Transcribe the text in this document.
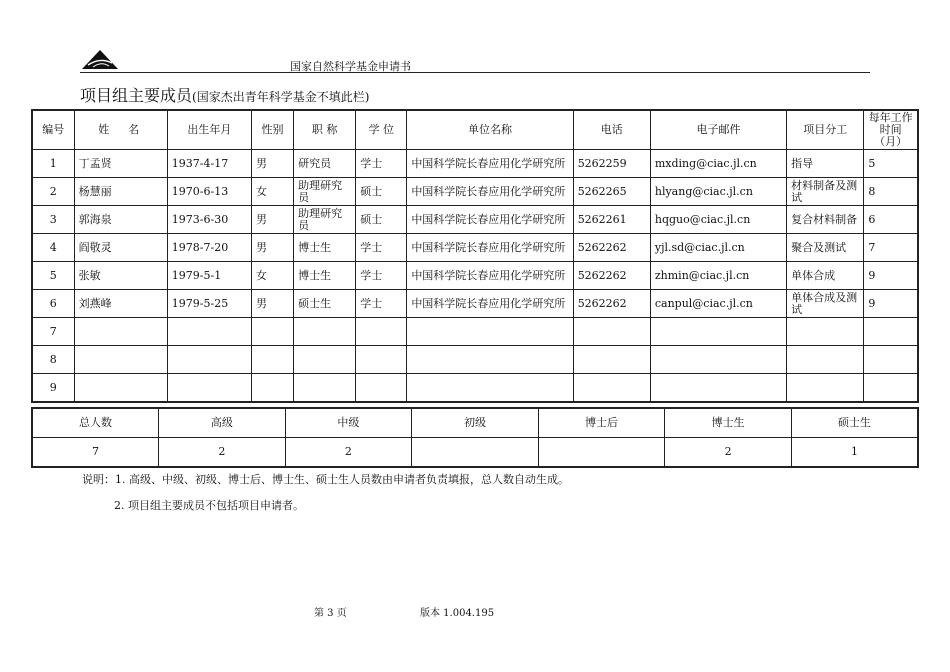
国家自然科学基金申请书
项目组主要成员(国家杰出青年科学基金不填此栏)
编号	姓　名	出生年月	性别	职 称	学 位	单位名称	电话	电子邮件	项目分工	每年工作时间（月）
1	丁孟贤	1937-4-17	男	研究员	学士	中国科学院长春应用化学研究所	5262259	mxding@ciac.jl.cn	指导	5
2	杨慧丽	1970-6-13	女	助理研究员	硕士	中国科学院长春应用化学研究所	5262265	hlyang@ciac.jl.cn	材料制备及测试	8
3	郭海泉	1973-6-30	男	助理研究员	硕士	中国科学院长春应用化学研究所	5262261	hqguo@ciac.jl.cn	复合材料制备	6
4	阎敬灵	1978-7-20	男	博士生	学士	中国科学院长春应用化学研究所	5262262	yjl.sd@ciac.jl.cn	聚合及测试	7
5	张敏	1979-5-1	女	博士生	学士	中国科学院长春应用化学研究所	5262262	zhmin@ciac.jl.cn	单体合成	9
6	刘燕峰	1979-5-25	男	硕士生	学士	中国科学院长春应用化学研究所	5262262	canpul@ciac.jl.cn	单体合成及测试	9
7										
8										
9										
总人数	高级	中级	初级	博士后	博士生	硕士生
7	2	2			2	1
说明：1. 高级、中级、初级、博士后、博士生、硕士生人员数由申请者负责填报，总人数自动生成。
2. 项目组主要成员不包括项目申请者。
第 3 页	版本 1.004.195
